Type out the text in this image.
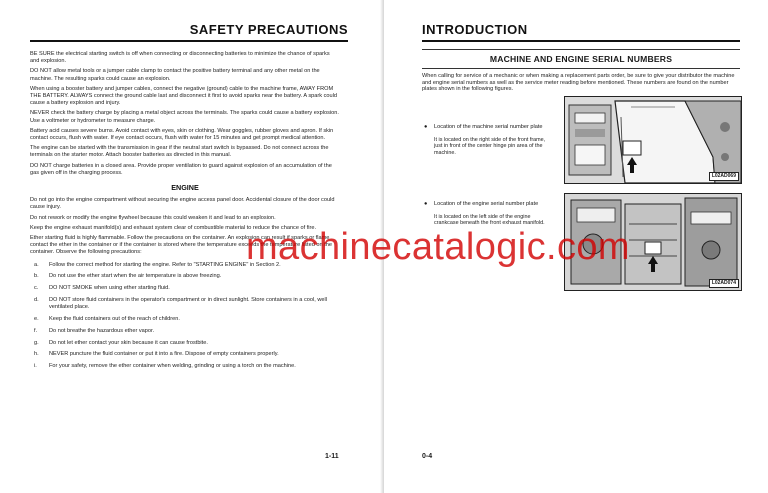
SAFETY PRECAUTIONS

BE SURE the electrical starting switch is off when connecting or disconnecting batteries to minimize the chance of sparks and explosion.

DO NOT allow metal tools or a jumper cable clamp to contact the positive battery terminal and any other metal on the machine. The resulting sparks could cause an explosion.

When using a booster battery and jumper cables, connect the negative (ground) cable to the machine frame, AWAY FROM THE BATTERY. ALWAYS connect the ground cable last and disconnect it first to avoid sparks near the battery. A spark could cause a battery explosion and injury.

NEVER check the battery charge by placing a metal object across the terminals. The sparks could cause a battery explosion. Use a voltmeter or hydrometer to measure charge.

Battery acid causes severe burns. Avoid contact with eyes, skin or clothing. Wear goggles, rubber gloves and apron. If skin contact occurs, flush with water. If eye contact occurs, flush with water for 15 minutes and get prompt medical attention.

The engine can be started with the transmission in gear if the neutral start switch is bypassed. Do not connect across the terminals on the starter motor. Attach booster batteries as directed in this manual.

DO NOT charge batteries in a closed area. Provide proper ventilation to guard against explosion of an accumulation of the gas given off in the charging process.

ENGINE

Do not go into the engine compartment without securing the engine access panel door. Accidental closure of the door could cause injury.

Do not rework or modify the engine flywheel because this could weaken it and lead to an explosion.

Keep the engine exhaust manifold(s) and exhaust system clear of combustible material to reduce the chance of fire.

Ether starting fluid is highly flammable. Follow the precautions on the container. An explosion can result if sparks or flame contact the ether in the container or if the container is stored where the temperature exceeds the temperature listed on the container. Observe the following precautions:

a.	Follow the correct method for starting the engine. Refer to "STARTING ENGINE" in Section 2.
b.	Do not use the ether start when the air temperature is above freezing.
c.	DO NOT SMOKE when using ether starting fluid.
d.	DO NOT store fluid containers in the operator's compartment or in direct sunlight. Store containers in a cool, well ventilated place.
e.	Keep the fluid containers out of the reach of children.
f.	Do not breathe the hazardous ether vapor.
g.	Do not let ether contact your skin because it can cause frostbite.
h.	NEVER puncture the fluid container or put it into a fire. Dispose of empty containers properly.
i.	For your safety, remove the ether container when welding, grinding or using a torch on the machine.
1-11
INTRODUCTION
MACHINE AND ENGINE SERIAL NUMBERS
When calling for service of a mechanic or when making a replacement parts order, be sure to give your distributor the machine and engine serial numbers as well as the service meter reading before mentioned. These numbers are found on the number plates shown in the following figures.
●	Location of the machine serial number plate
It is located on the right side of the front frame, just in front of the center hinge pin area of the machine.
L02AD069
●	Location of the engine serial number plate
It is located on the left side of the engine crankcase beneath the front exhaust manifold.
L02AD074
0-4
machinecatalogic.com
